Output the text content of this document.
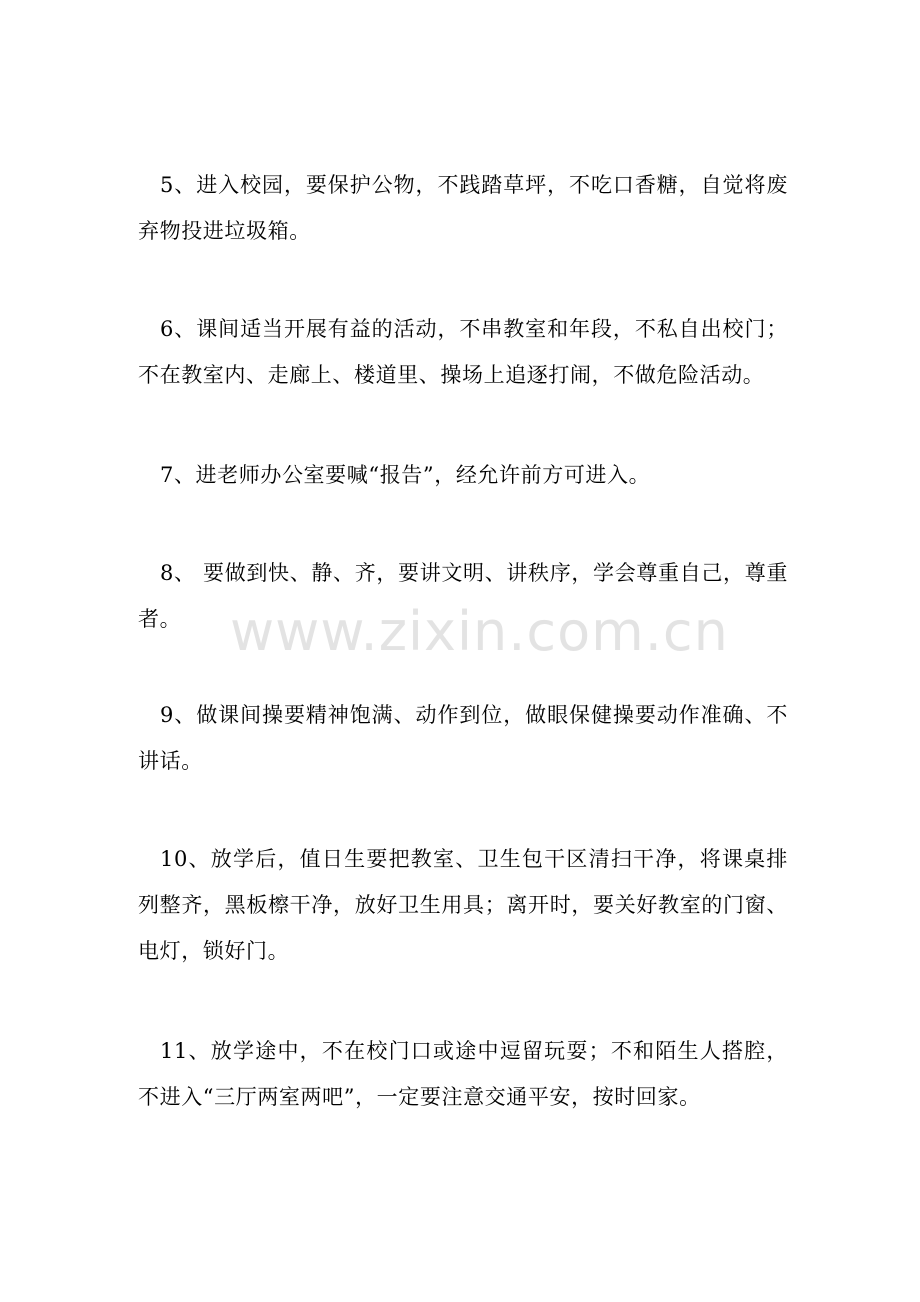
5、进入校园，要保护公物，不践踏草坪，不吃口香糖，自觉将废弃物投进垃圾箱。

6、课间适当开展有益的活动，不串教室和年段，不私自出校门；不在教室内、走廊上、楼道里、操场上追逐打闹，不做危险活动。

7、进老师办公室要喊“报告”，经允许前方可进入。

8、 要做到快、静、齐，要讲文明、讲秩序，学会尊重自己，尊重者。

9、做课间操要精神饱满、动作到位，做眼保健操要动作准确、不讲话。

10、放学后，值日生要把教室、卫生包干区清扫干净，将课桌排列整齐，黑板檫干净，放好卫生用具；离开时，要关好教室的门窗、电灯，锁好门。

11、放学途中，不在校门口或途中逗留玩耍；不和陌生人搭腔，不进入“三厅两室两吧”，一定要注意交通平安，按时回家。

www.zixin.com.cn
